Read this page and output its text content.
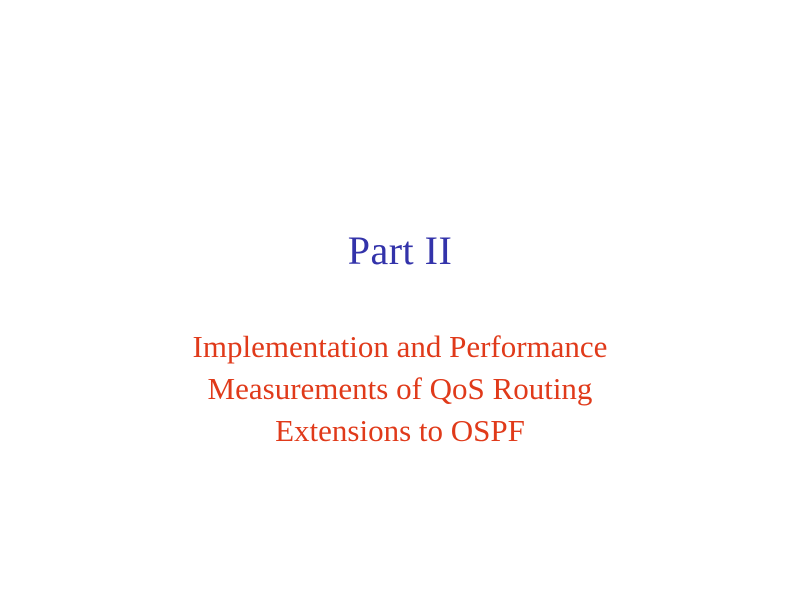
Part II
Implementation and Performance
Measurements of QoS Routing
Extensions to OSPF
